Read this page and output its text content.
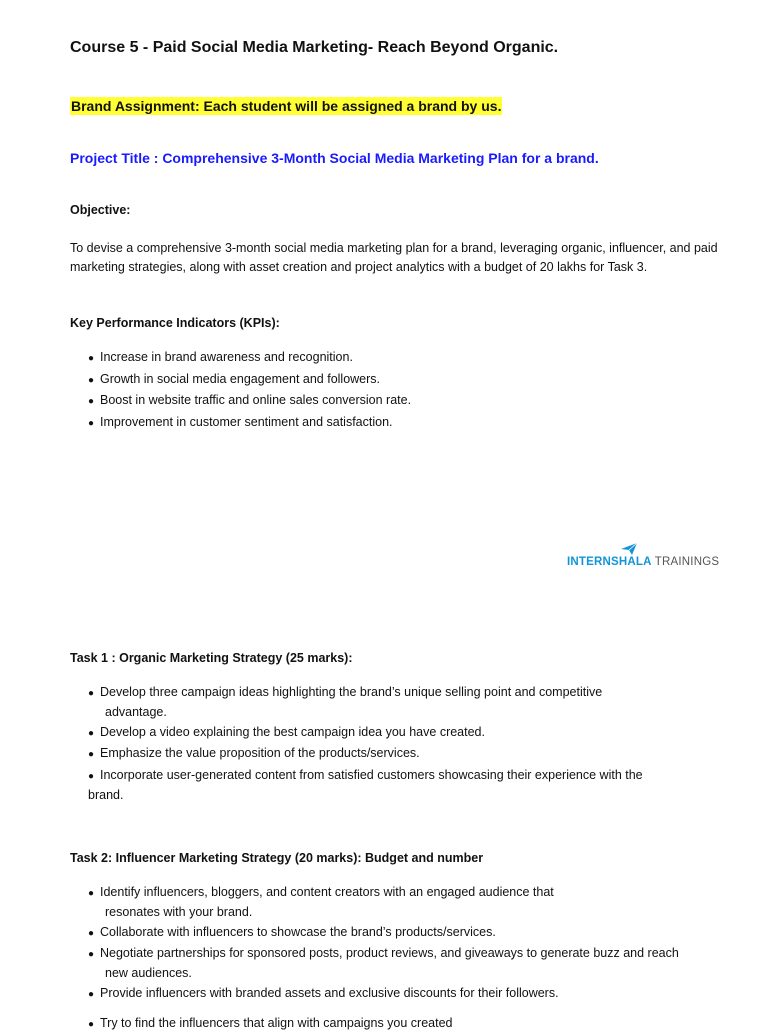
Course 5 - Paid Social Media Marketing- Reach Beyond Organic.
Brand Assignment: Each student will be assigned a brand by us.
Project Title : Comprehensive 3-Month Social Media Marketing Plan for a brand.
Objective:
To devise a comprehensive 3-month social media marketing plan for a brand, leveraging organic, influencer, and paid marketing strategies, along with asset creation and project analytics with a budget of 20 lakhs for Task 3.
Key Performance Indicators (KPIs):
● Increase in brand awareness and recognition.
● Growth in social media engagement and followers.
● Boost in website traffic and online sales conversion rate.
● Improvement in customer sentiment and satisfaction.
INTERNSHALA TRAININGS
Task 1 : Organic Marketing Strategy (25 marks):
● Develop three campaign ideas highlighting the brand’s unique selling point and competitive advantage.
● Develop a video explaining the best campaign idea you have created.
● Emphasize the value proposition of the products/services.
● Incorporate user-generated content from satisfied customers showcasing their experience with the brand.
Task 2: Influencer Marketing Strategy (20 marks): Budget and number
● Identify influencers, bloggers, and content creators with an engaged audience that resonates with your brand.
● Collaborate with influencers to showcase the brand’s products/services.
● Negotiate partnerships for sponsored posts, product reviews, and giveaways to generate buzz and reach new audiences.
● Provide influencers with branded assets and exclusive discounts for their followers.
● Try to find the influencers that align with campaigns you created
